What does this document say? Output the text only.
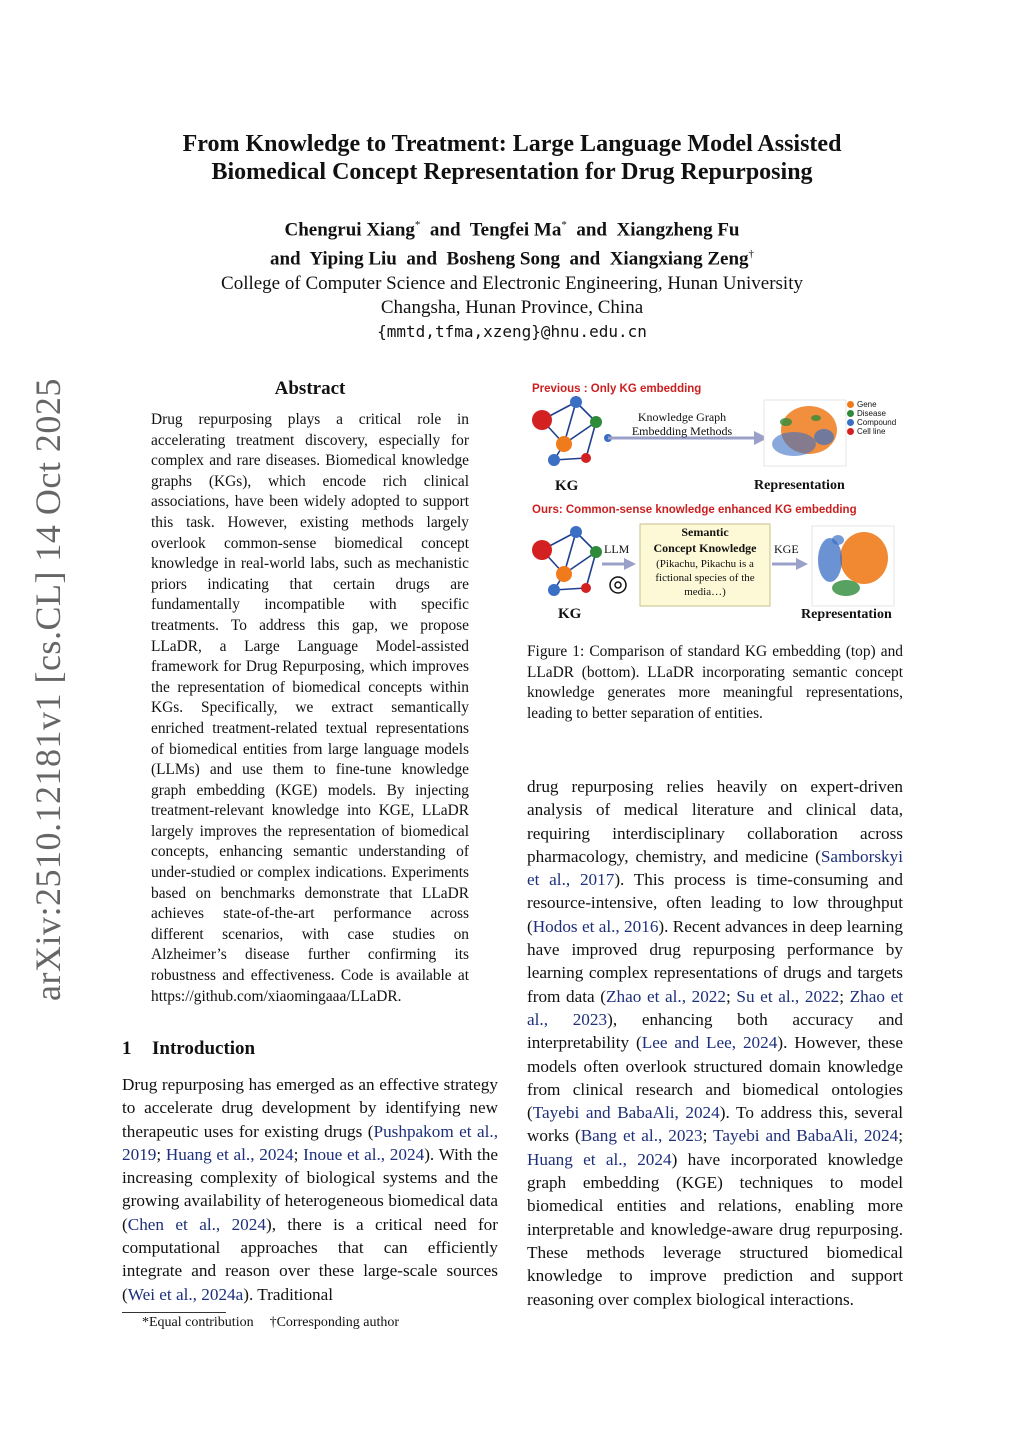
arXiv:2510.12181v1 [cs.CL] 14 Oct 2025
From Knowledge to Treatment: Large Language Model Assisted
Biomedical Concept Representation for Drug Repurposing
Chengrui Xiang* and Tengfei Ma* and Xiangzheng Fu
and Yiping Liu and Bosheng Song and Xiangxiang Zeng†
College of Computer Science and Electronic Engineering, Hunan University
Changsha, Hunan Province, China
{mmtd,tfma,xzeng}@hnu.edu.cn
Abstract
Drug repurposing plays a critical role in accelerating treatment discovery, especially for complex and rare diseases. Biomedical knowledge graphs (KGs), which encode rich clinical associations, have been widely adopted to support this task. However, existing methods largely overlook common-sense biomedical concept knowledge in real-world labs, such as mechanistic priors indicating that certain drugs are fundamentally incompatible with specific treatments. To address this gap, we propose LLaDR, a Large Language Model-assisted framework for Drug Repurposing, which improves the representation of biomedical concepts within KGs. Specifically, we extract semantically enriched treatment-related textual representations of biomedical entities from large language models (LLMs) and use them to fine-tune knowledge graph embedding (KGE) models. By injecting treatment-relevant knowledge into KGE, LLaDR largely improves the representation of biomedical concepts, enhancing semantic understanding of under-studied or complex indications. Experiments based on benchmarks demonstrate that LLaDR achieves state-of-the-art performance across different scenarios, with case studies on Alzheimer’s disease further confirming its robustness and effectiveness. Code is available at https://github.com/xiaomingaaa/LLaDR.
1 Introduction
Drug repurposing has emerged as an effective strategy to accelerate drug development by identifying new therapeutic uses for existing drugs (Pushpakom et al., 2019; Huang et al., 2024; Inoue et al., 2024). With the increasing complexity of biological systems and the growing availability of heterogeneous biomedical data (Chen et al., 2024), there is a critical need for computational approaches that can efficiently integrate and reason over these large-scale sources (Wei et al., 2024a). Traditional
*Equal contribution †Corresponding author
drug repurposing relies heavily on expert-driven analysis of medical literature and clinical data, requiring interdisciplinary collaboration across pharmacology, chemistry, and medicine (Samborskyi et al., 2017). This process is time-consuming and resource-intensive, often leading to low throughput (Hodos et al., 2016). Recent advances in deep learning have improved drug repurposing performance by learning complex representations of drugs and targets from data (Zhao et al., 2022; Su et al., 2022; Zhao et al., 2023), enhancing both accuracy and interpretability (Lee and Lee, 2024). However, these models often overlook structured domain knowledge from clinical research and biomedical ontologies (Tayebi and BabaAli, 2024). To address this, several works (Bang et al., 2023; Tayebi and BabaAli, 2024; Huang et al., 2024) have incorporated knowledge graph embedding (KGE) techniques to model biomedical entities and relations, enabling more interpretable and knowledge-aware drug repurposing. These methods leverage structured biomedical knowledge to improve prediction and support reasoning over complex biological interactions.
Previous : Only KG embedding
Gene
Disease
Compound
Cell line
Knowledge Graph Embedding Methods
KG	Representation
Ours: Common-sense knowledge enhanced KG embedding
LLM	KGE
Semantic
Concept Knowledge
(Pikachu, Pikachu is a fictional species of the media…)
KG	Representation
Figure 1: Comparison of standard KG embedding (top) and LLaDR (bottom). LLaDR incorporating semantic concept knowledge generates more meaningful representations, leading to better separation of entities.
